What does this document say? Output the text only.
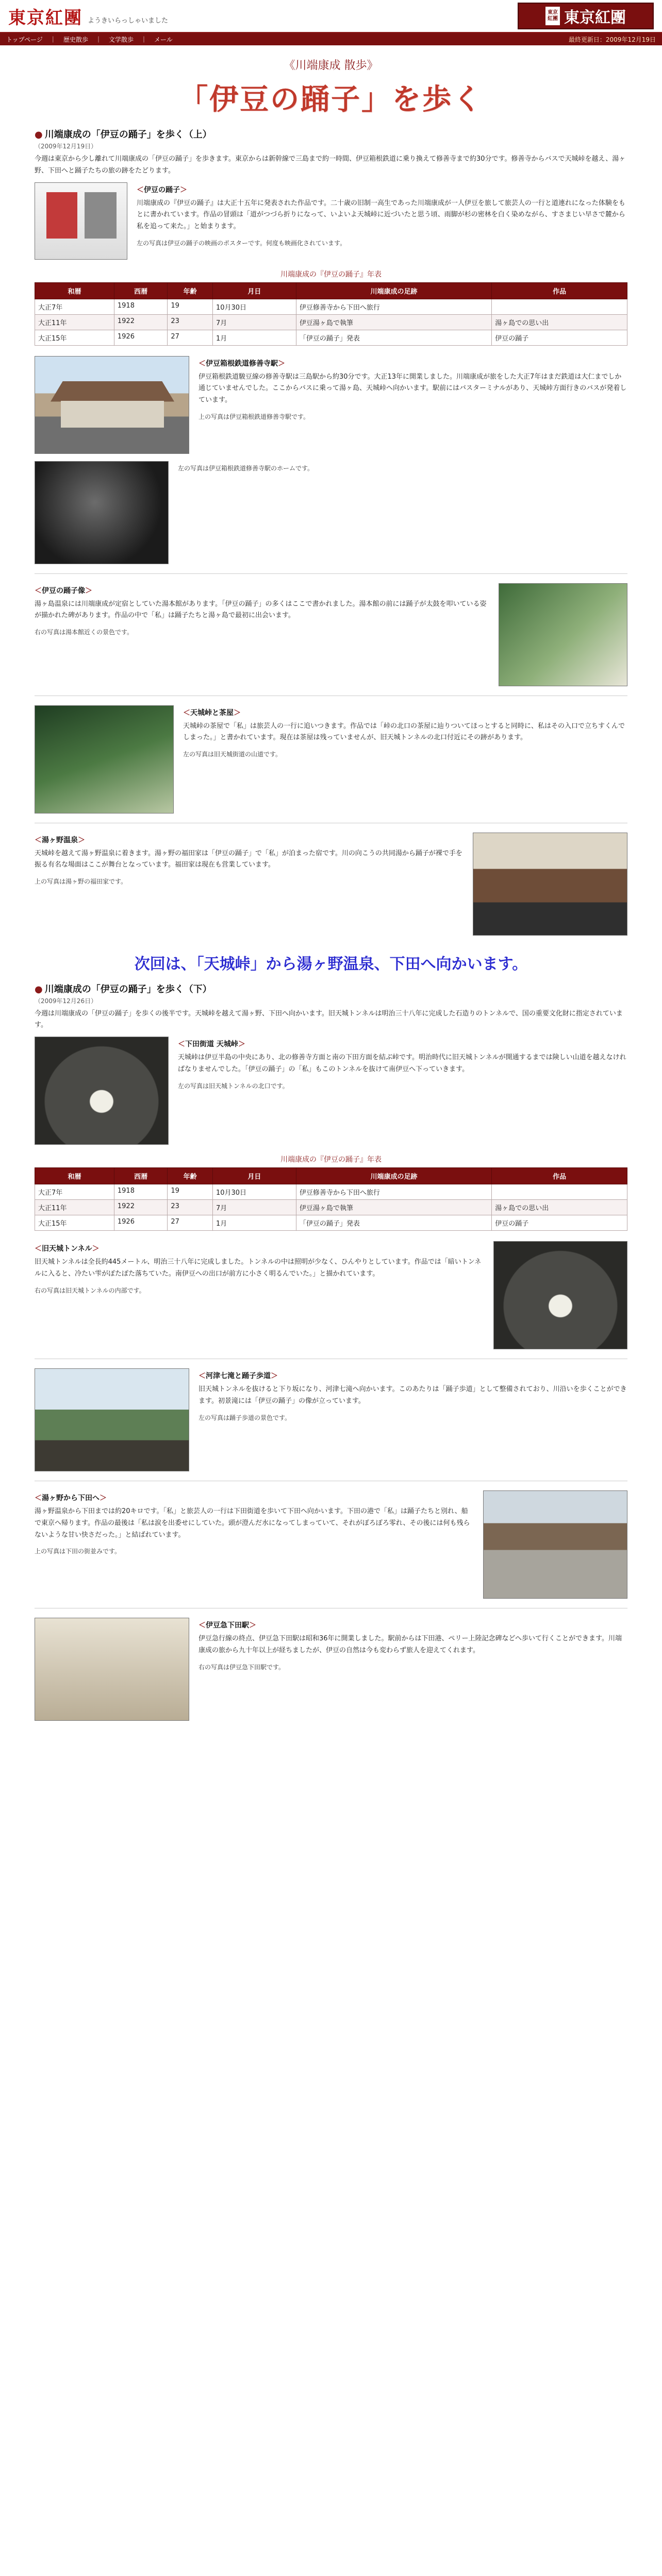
東京紅團 ようきいらっしゃいました
東京紅團 東京紅團
トップページ ｜ 歴史散歩 ｜ 文学散歩 ｜ メール	最終更新日：2009年12月19日
《川端康成 散歩》
「伊豆の踊子」を歩く
● 川端康成の「伊豆の踊子」を歩く（上）
（2009年12月19日）

今週は東京から少し離れて川端康成の「伊豆の踊子」を歩きます。東京からは新幹線で三島まで約一時間、伊豆箱根鉄道に乗り換えて修善寺まで約30分です。修善寺からバスで天城峠を越え、湯ヶ野、下田へと踊子たちの旅の跡をたどります。

＜伊豆の踊子＞

川端康成の『伊豆の踊子』は大正十五年に発表された作品です。二十歳の旧制一高生であった川端康成が一人伊豆を旅して旅芸人の一行と道連れになった体験をもとに書かれています。作品の冒頭は「道がつづら折りになって、いよいよ天城峠に近づいたと思う頃、雨脚が杉の密林を白く染めながら、すさまじい早さで麓から私を追って来た。」と始まります。

左の写真は伊豆の踊子の映画のポスターです。何度も映画化されています。

川端康成の『伊豆の踊子』年表
和暦	西暦	年齢	月日	川端康成の足跡	作品
大正7年	1918	19	10月30日	伊豆修善寺から下田へ旅行	
大正11年	1922	23	7月	伊豆湯ヶ島で執筆	湯ヶ島での思い出
大正15年	1926	27	1月	「伊豆の踊子」発表	伊豆の踊子
＜伊豆箱根鉄道修善寺駅＞

伊豆箱根鉄道駿豆線の修善寺駅は三島駅から約30分です。大正13年に開業しました。川端康成が旅をした大正7年はまだ鉄道は大仁までしか通じていませんでした。ここからバスに乗って湯ヶ島、天城峠へ向かいます。駅前にはバスターミナルがあり、天城峠方面行きのバスが発着しています。

上の写真は伊豆箱根鉄道修善寺駅です。

左の写真は伊豆箱根鉄道修善寺駅のホームです。

＜伊豆の踊子像＞

湯ヶ島温泉には川端康成が定宿としていた湯本館があります。「伊豆の踊子」の多くはここで書かれました。湯本館の前には踊子が太鼓を叩いている姿が描かれた碑があります。作品の中で「私」は踊子たちと湯ヶ島で最初に出会います。

右の写真は湯本館近くの景色です。

＜天城峠と茶屋＞

天城峠の茶屋で「私」は旅芸人の一行に追いつきます。作品では「峠の北口の茶屋に辿りついてほっとすると同時に、私はその入口で立ちすくんでしまった。」と書かれています。現在は茶屋は残っていませんが、旧天城トンネルの北口付近にその跡があります。

左の写真は旧天城街道の山道です。

＜湯ヶ野温泉＞

天城峠を越えて湯ヶ野温泉に着きます。湯ヶ野の福田家は「伊豆の踊子」で「私」が泊まった宿です。川の向こうの共同湯から踊子が裸で手を振る有名な場面はここが舞台となっています。福田家は現在も営業しています。

上の写真は湯ヶ野の福田家です。

次回は、「天城峠」から湯ヶ野温泉、下田へ向かいます。
● 川端康成の「伊豆の踊子」を歩く（下）
（2009年12月26日）

今週は川端康成の「伊豆の踊子」を歩くの後半です。天城峠を越えて湯ヶ野、下田へ向かいます。旧天城トンネルは明治三十八年に完成した石造りのトンネルで、国の重要文化財に指定されています。

＜下田街道 天城峠＞

天城峠は伊豆半島の中央にあり、北の修善寺方面と南の下田方面を結ぶ峠です。明治時代に旧天城トンネルが開通するまでは険しい山道を越えなければなりませんでした。「伊豆の踊子」の「私」もこのトンネルを抜けて南伊豆へ下っていきます。

左の写真は旧天城トンネルの北口です。

川端康成の『伊豆の踊子』年表
和暦	西暦	年齢	月日	川端康成の足跡	作品
大正7年	1918	19	10月30日	伊豆修善寺から下田へ旅行	
大正11年	1922	23	7月	伊豆湯ヶ島で執筆	湯ヶ島での思い出
大正15年	1926	27	1月	「伊豆の踊子」発表	伊豆の踊子
＜旧天城トンネル＞

旧天城トンネルは全長約445メートル、明治三十八年に完成しました。トンネルの中は照明が少なく、ひんやりとしています。作品では「暗いトンネルに入ると、冷たい雫がぽたぽた落ちていた。南伊豆への出口が前方に小さく明るんでいた。」と描かれています。

右の写真は旧天城トンネルの内部です。

＜河津七滝と踊子歩道＞

旧天城トンネルを抜けると下り坂になり、河津七滝へ向かいます。このあたりは「踊子歩道」として整備されており、川沿いを歩くことができます。初景滝には「伊豆の踊子」の像が立っています。

左の写真は踊子歩道の景色です。

＜湯ヶ野から下田へ＞

湯ヶ野温泉から下田までは約20キロです。「私」と旅芸人の一行は下田街道を歩いて下田へ向かいます。下田の港で「私」は踊子たちと別れ、船で東京へ帰ります。作品の最後は「私は涙を出委せにしていた。頭が澄んだ水になってしまっていて、それがぽろぽろ零れ、その後には何も残らないような甘い快さだった。」と結ばれています。

上の写真は下田の街並みです。

＜伊豆急下田駅＞

伊豆急行線の終点、伊豆急下田駅は昭和36年に開業しました。駅前からは下田港、ペリー上陸記念碑などへ歩いて行くことができます。川端康成の旅から九十年以上が経ちましたが、伊豆の自然は今も変わらず旅人を迎えてくれます。

右の写真は伊豆急下田駅です。
